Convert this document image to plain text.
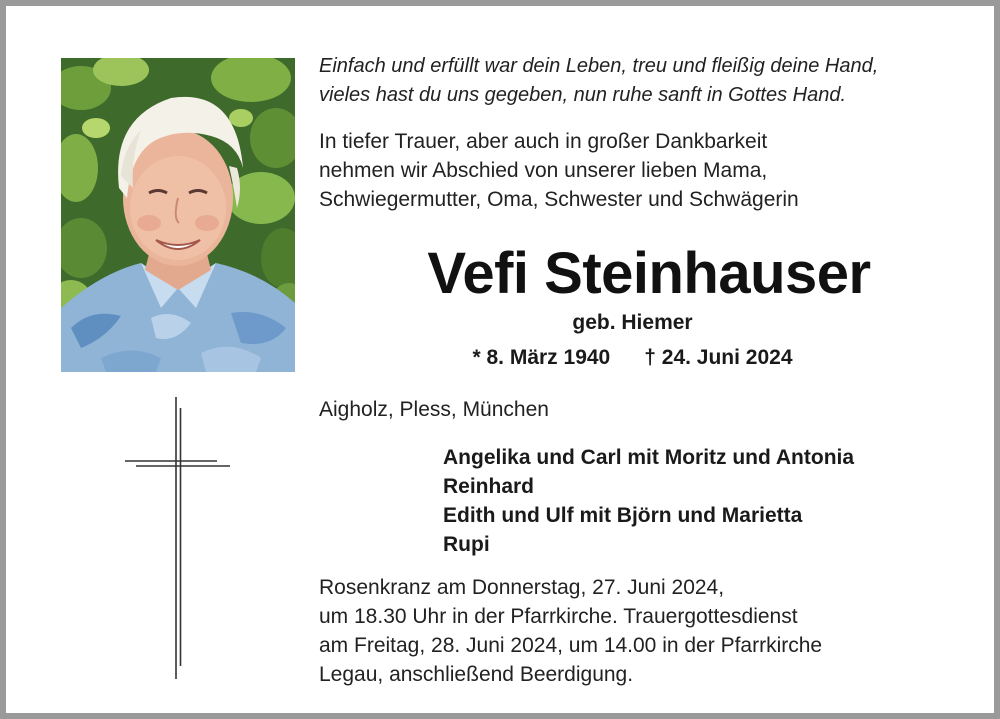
Einfach und erfüllt war dein Leben, treu und fleißig deine Hand,
vieles hast du uns gegeben, nun ruhe sanft in Gottes Hand.
In tiefer Trauer, aber auch in großer Dankbarkeit
nehmen wir Abschied von unserer lieben Mama,
Schwiegermutter, Oma, Schwester und Schwägerin
Vefi Steinhauser
geb. Hiemer
* 8. März 1940 † 24. Juni 2024
Aigholz, Pless, München
Angelika und Carl mit Moritz und Antonia
Reinhard
Edith und Ulf mit Björn und Marietta
Rupi
Rosenkranz am Donnerstag, 27. Juni 2024,
um 18.30 Uhr in der Pfarrkirche. Trauergottesdienst
am Freitag, 28. Juni 2024, um 14.00 in der Pfarrkirche
Legau, anschließend Beerdigung.
